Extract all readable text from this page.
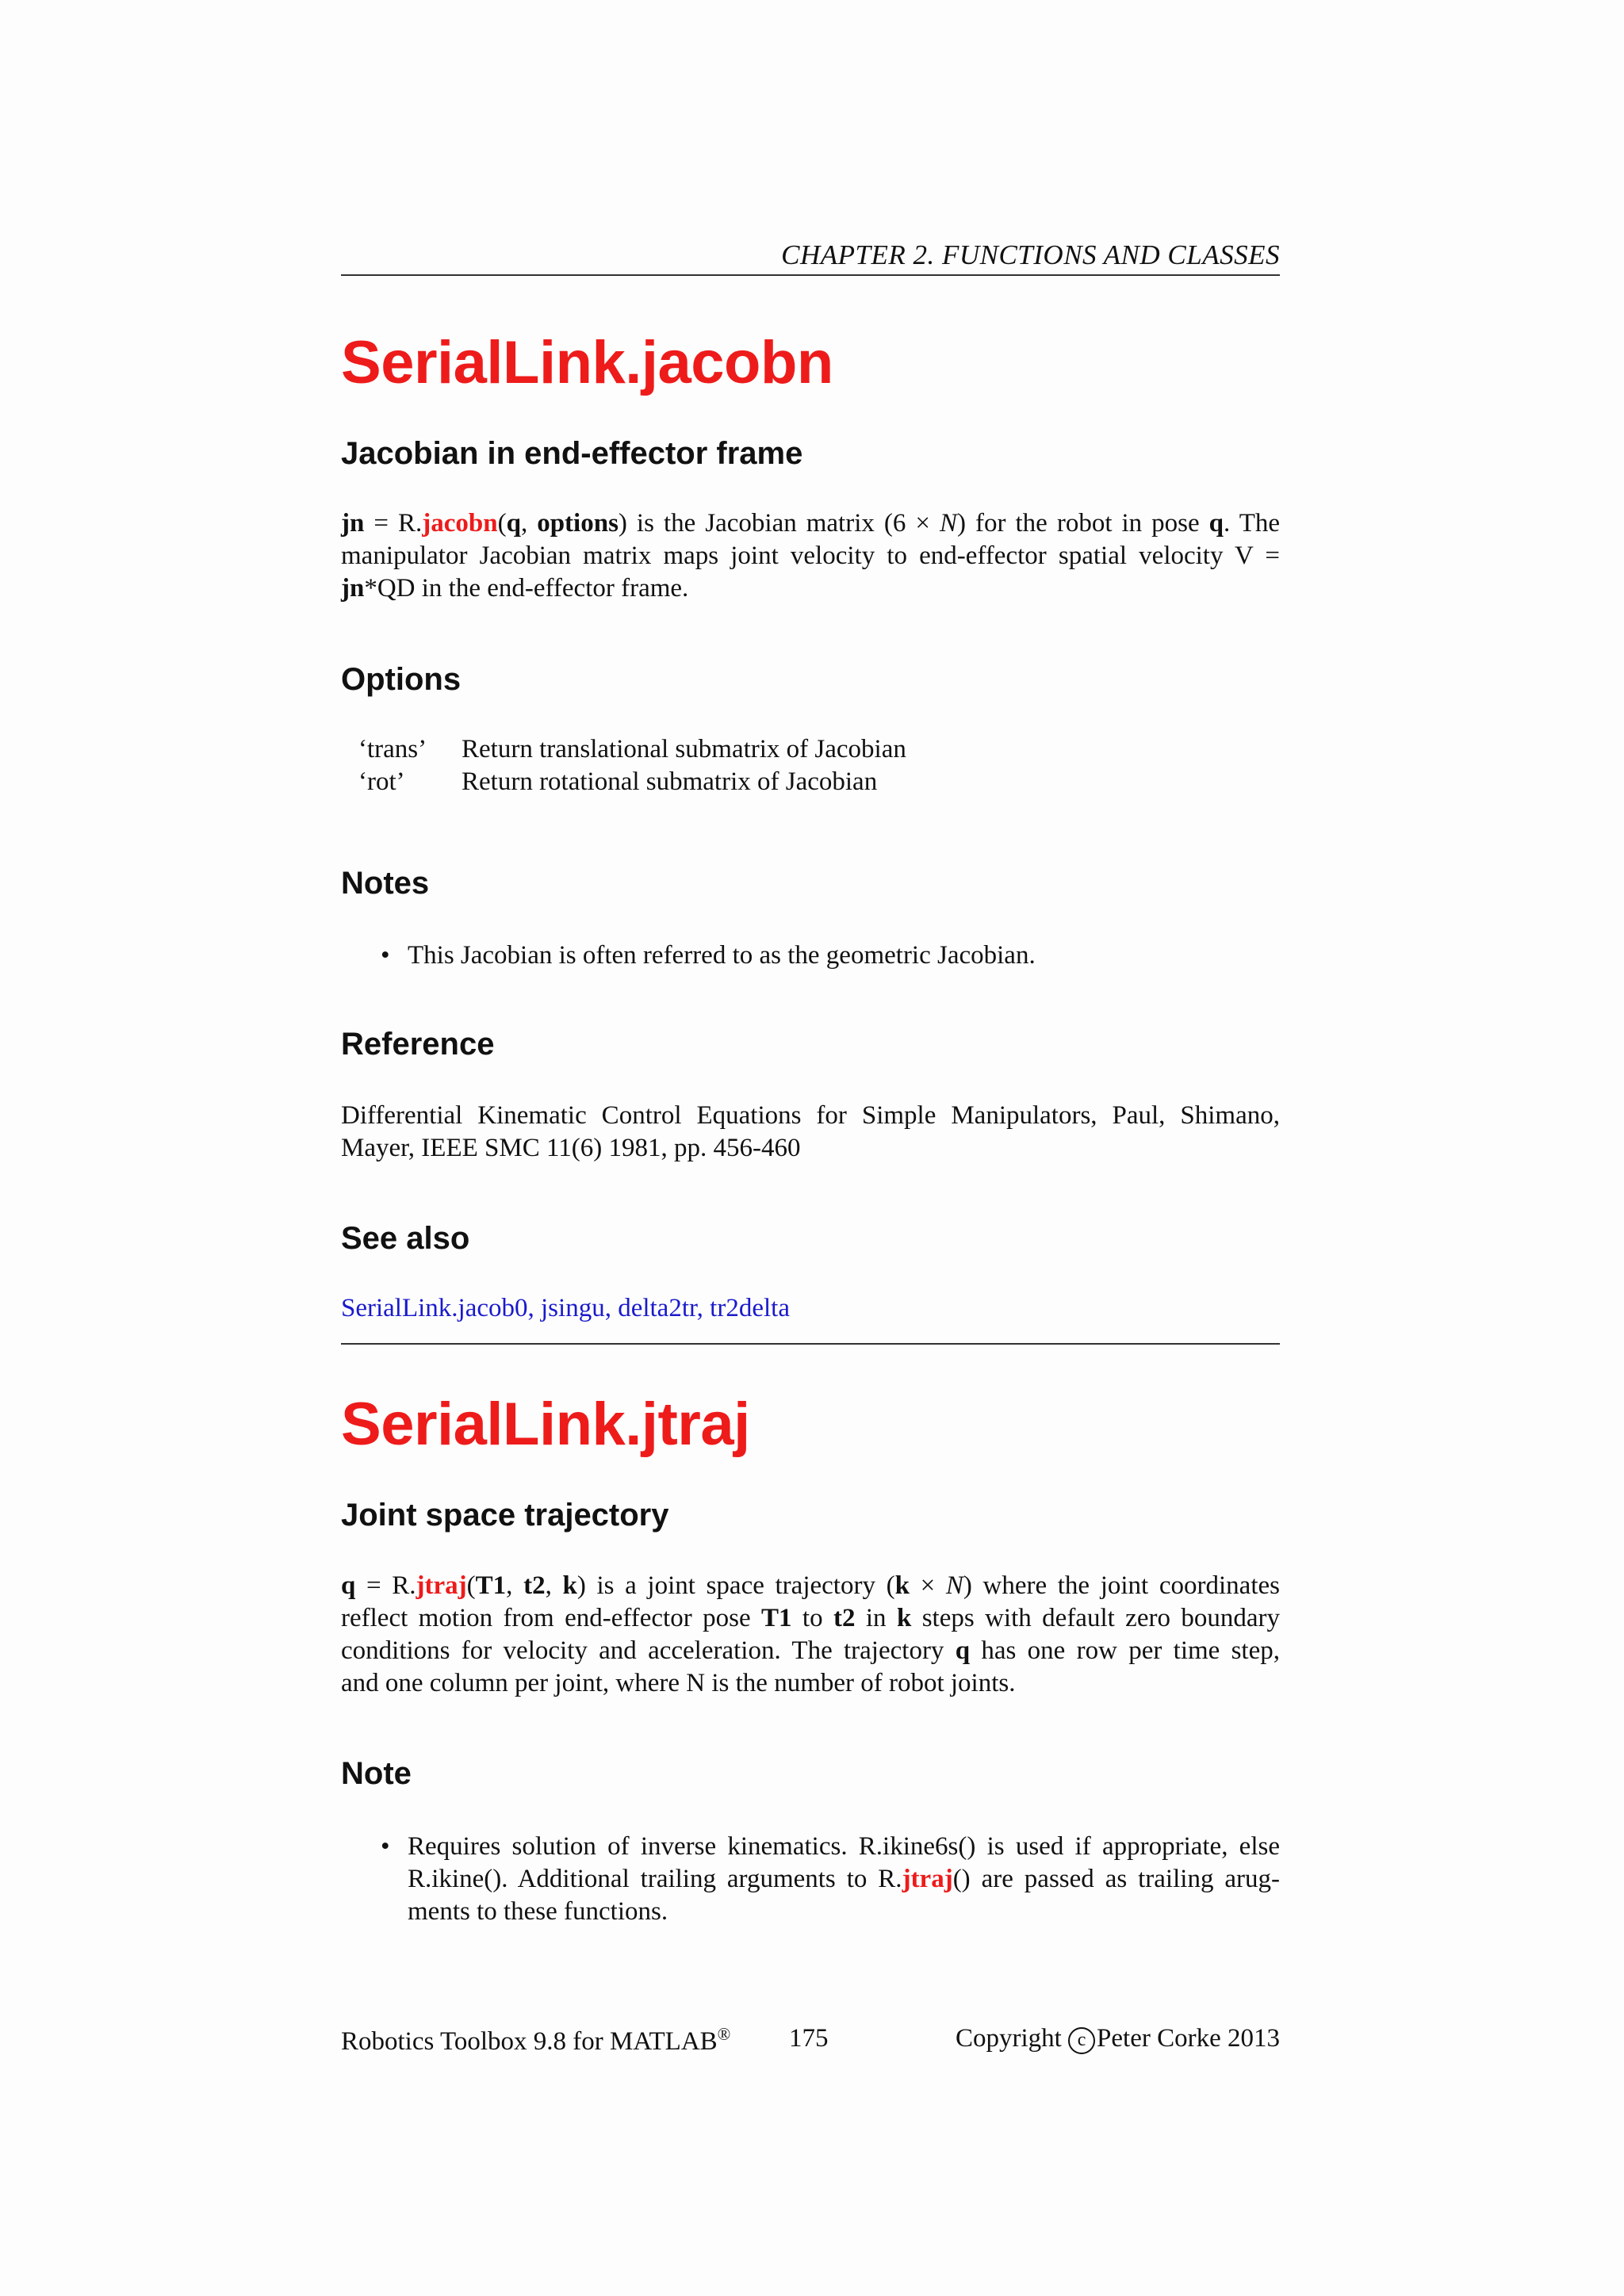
CHAPTER 2. FUNCTIONS AND CLASSES
SerialLink.jacobn
Jacobian in end-effector frame
jn = R.jacobn(q, options) is the Jacobian matrix (6 × N) for the robot in pose q. The
manipulator Jacobian matrix maps joint velocity to end-effector spatial velocity V =
jn*QD in the end-effector frame.
Options
‘trans’	Return translational submatrix of Jacobian
‘rot’	Return rotational submatrix of Jacobian
Notes
• This Jacobian is often referred to as the geometric Jacobian.
Reference
Differential Kinematic Control Equations for Simple Manipulators, Paul, Shimano,
Mayer, IEEE SMC 11(6) 1981, pp. 456-460
See also
SerialLink.jacob0, jsingu, delta2tr, tr2delta
SerialLink.jtraj
Joint space trajectory
q = R.jtraj(T1, t2, k) is a joint space trajectory (k × N) where the joint coordinates
reflect motion from end-effector pose T1 to t2 in k steps with default zero boundary
conditions for velocity and acceleration. The trajectory q has one row per time step,
and one column per joint, where N is the number of robot joints.
Note
• Requires solution of inverse kinematics. R.ikine6s() is used if appropriate, else
R.ikine(). Additional trailing arguments to R.jtraj() are passed as trailing arug-
ments to these functions.
Robotics Toolbox 9.8 for MATLAB® 175	Copyright c Peter Corke 2013
